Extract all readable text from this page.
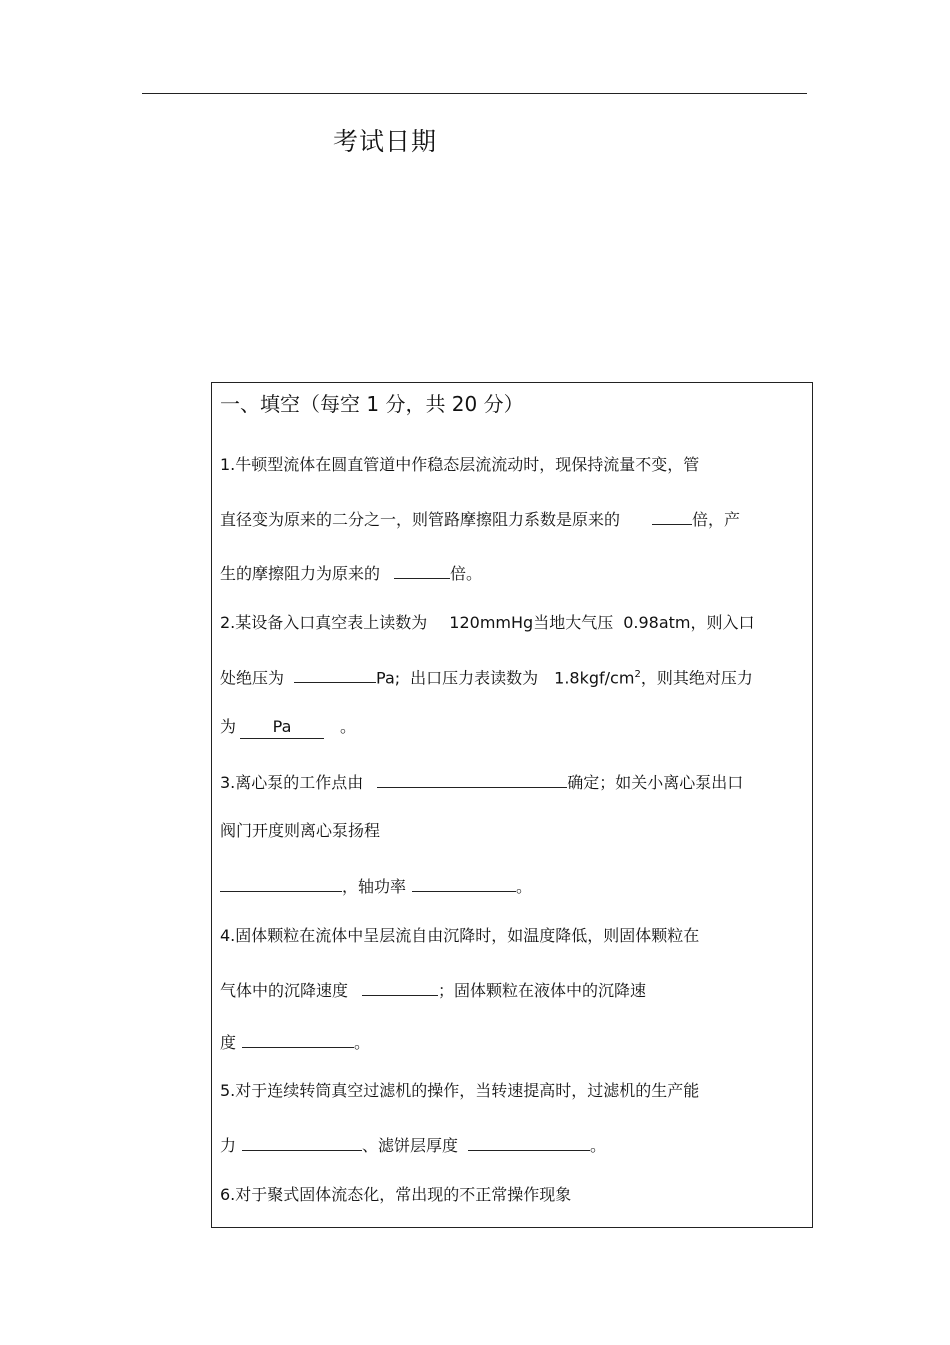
考试日期
一、填空（每空 1 分，共 20 分）
1.牛顿型流体在圆直管道中作稳态层流流动时，现保持流量不变，管
直径变为原来的二分之一，则管路摩擦阻力系数是原来的	倍，产
生的摩擦阻力为原来的	倍。
2.某设备入口真空表上读数为 120mmHg当地大气压 0.98atm，则入口
处绝压为	Pa; 出口压力表读数为 $1.8kgf/cm^2$，则其绝对压力
为 Pa	。
3.离心泵的工作点由	确定；如关小离心泵出口
阀门开度则离心泵扬程
，轴功率	。
4.固体颗粒在流体中呈层流自由沉降时，如温度降低，则固体颗粒在
气体中的沉降速度	；固体颗粒在液体中的沉降速
度	。
5.对于连续转筒真空过滤机的操作，当转速提高时，过滤机的生产能
力	、滤饼层厚度	。
6.对于聚式固体流态化，常出现的不正常操作现象
